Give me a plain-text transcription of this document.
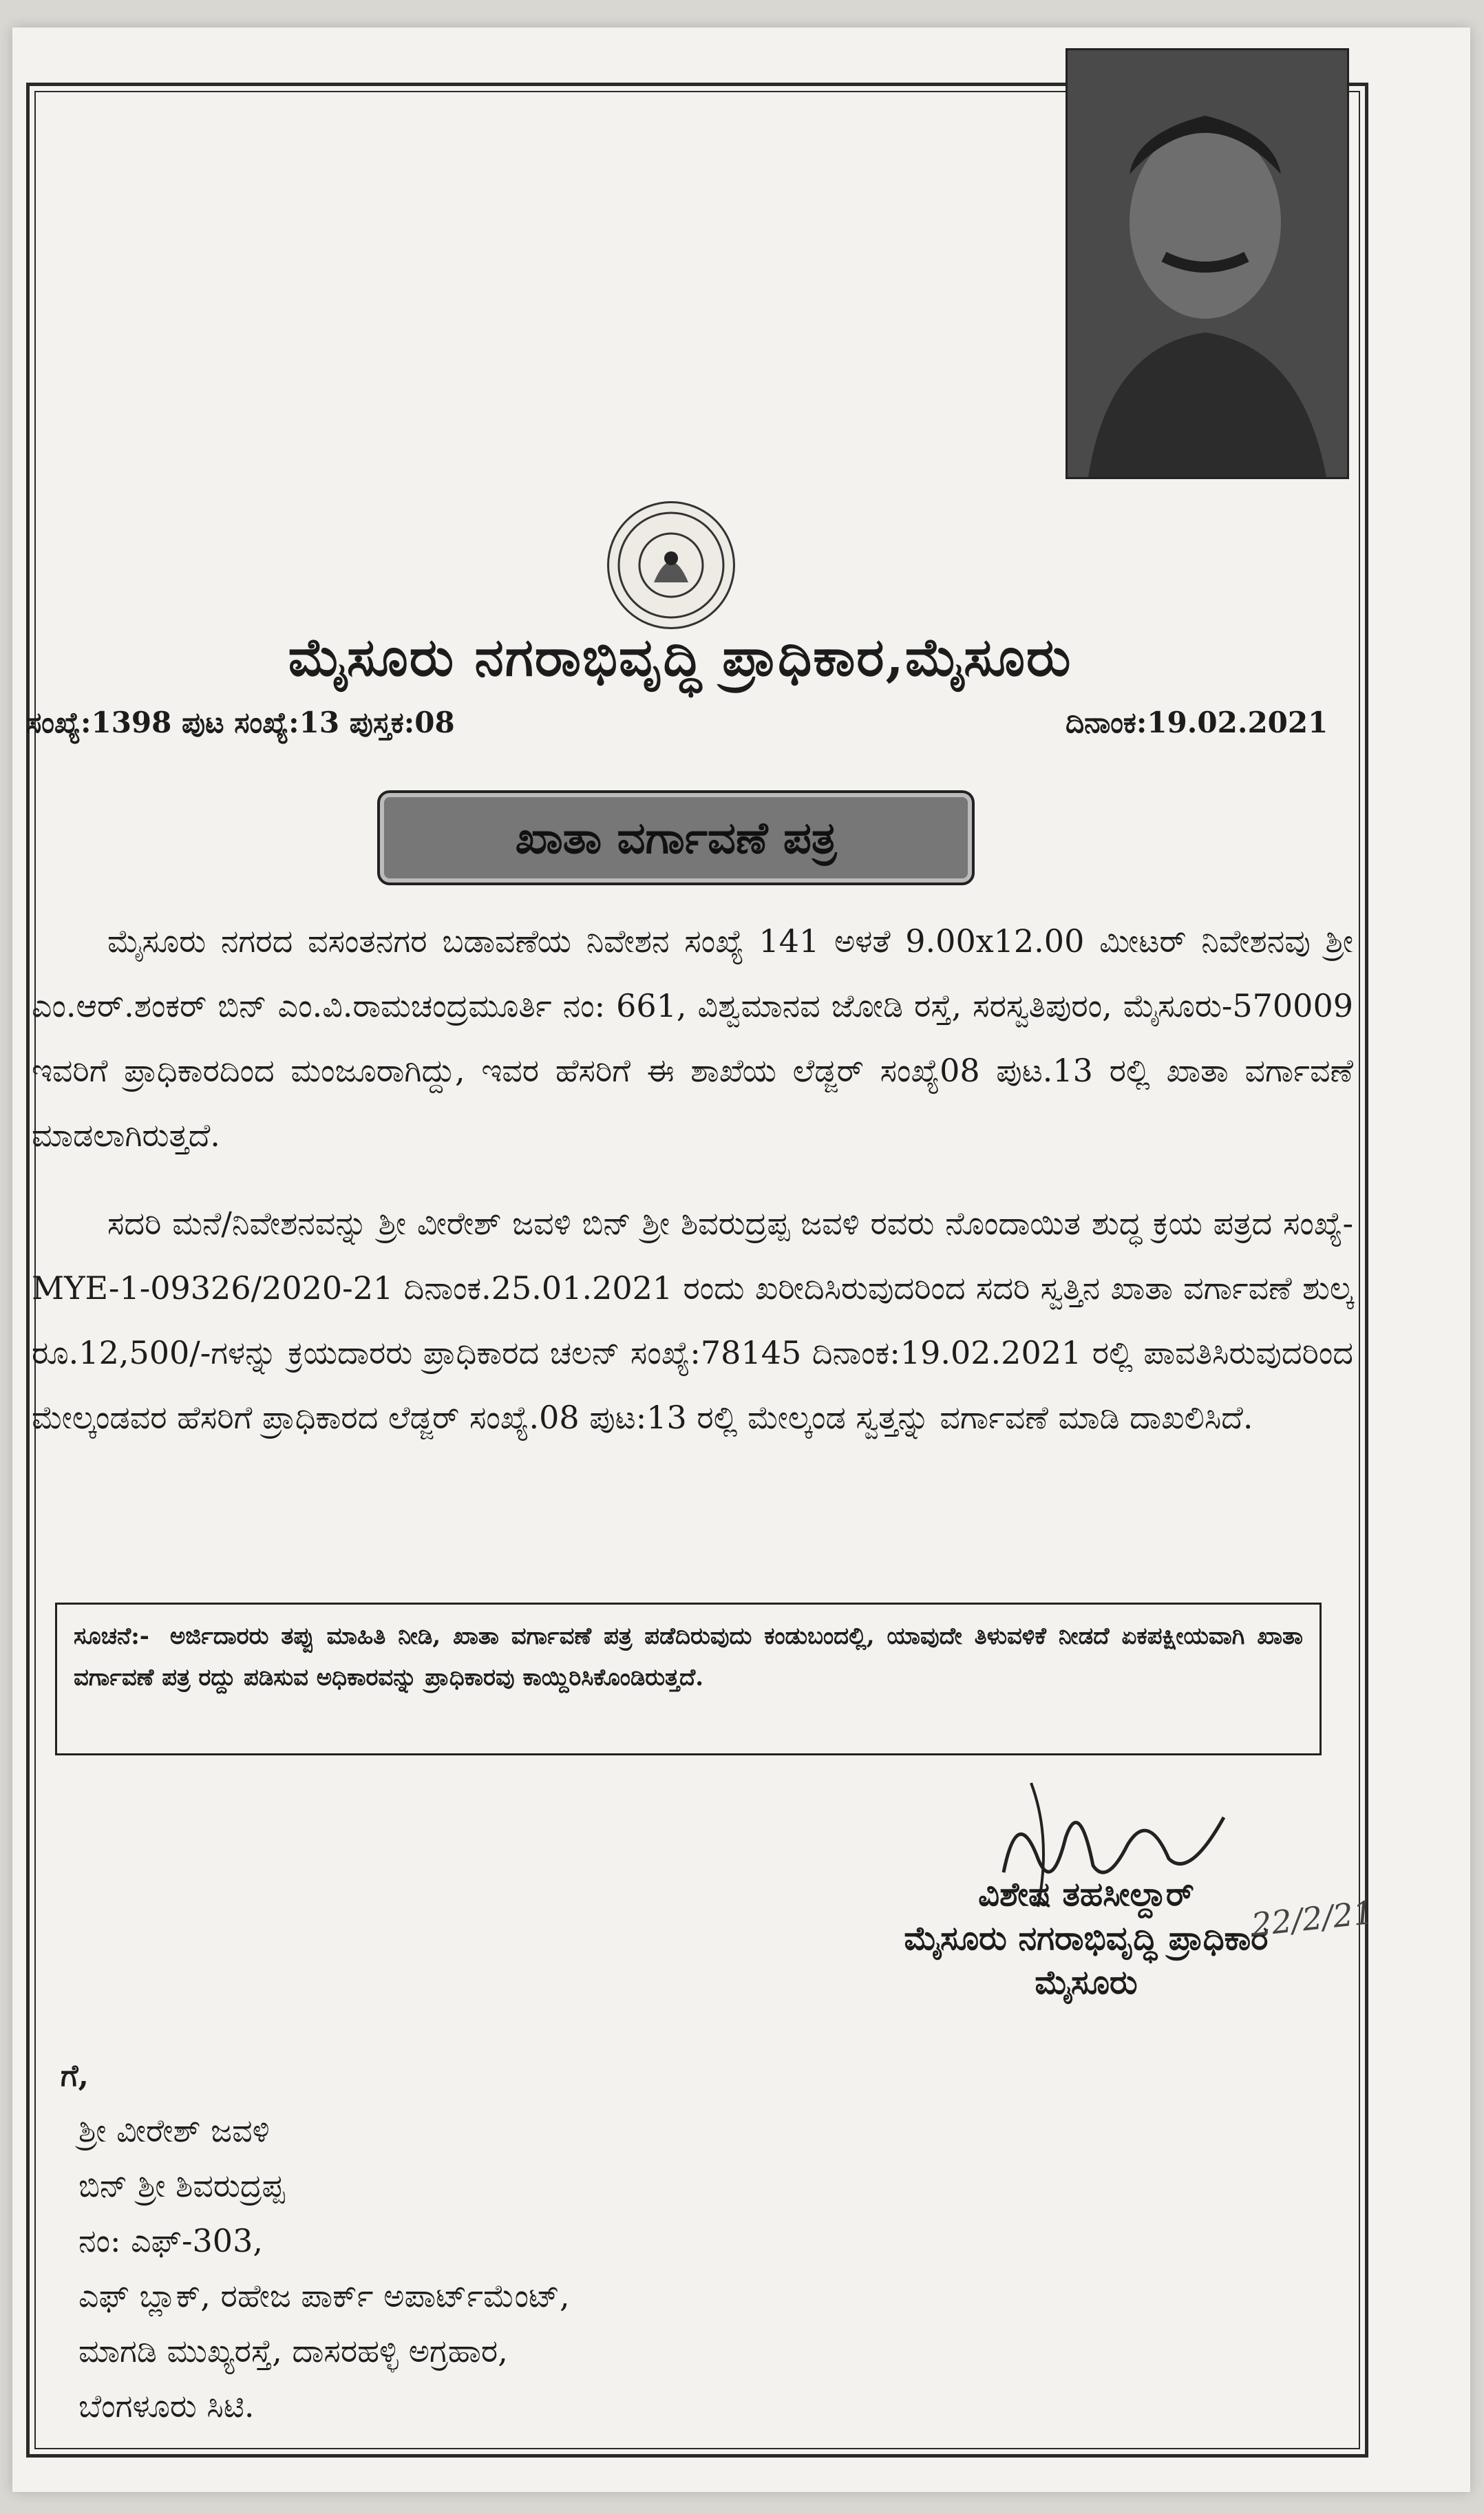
ಮೈಸೂರು ನಗರಾಭಿವೃದ್ಧಿ ಪ್ರಾಧಿಕಾರ,ಮೈಸೂರು
ಸಂಖ್ಯೆ:1398 ಪುಟ ಸಂಖ್ಯೆ:13 ಪುಸ್ತಕ:08	ದಿನಾಂಕ:19.02.2021
ಖಾತಾ ವರ್ಗಾವಣೆ ಪತ್ರ
ಮೈಸೂರು ನಗರದ ವಸಂತನಗರ ಬಡಾವಣೆಯ ನಿವೇಶನ ಸಂಖ್ಯೆ 141 ಅಳತೆ 9.00x12.00 ಮೀಟರ್ ನಿವೇಶನವು ಶ್ರೀ ಎಂ.ಆರ್.ಶಂಕರ್ ಬಿನ್ ಎಂ.ವಿ.ರಾಮಚಂದ್ರಮೂರ್ತಿ ನಂ: 661, ವಿಶ್ವಮಾನವ ಜೋಡಿ ರಸ್ತೆ, ಸರಸ್ವತಿಪುರಂ, ಮೈಸೂರು-570009 ಇವರಿಗೆ ಪ್ರಾಧಿಕಾರದಿಂದ ಮಂಜೂರಾಗಿದ್ದು, ಇವರ ಹೆಸರಿಗೆ ಈ ಶಾಖೆಯ ಲೆಡ್ಜರ್ ಸಂಖ್ಯೆ08 ಪುಟ.13 ರಲ್ಲಿ ಖಾತಾ ವರ್ಗಾವಣೆ ಮಾಡಲಾಗಿರುತ್ತದೆ.
ಸದರಿ ಮನೆ/ನಿವೇಶನವನ್ನು ಶ್ರೀ ವೀರೇಶ್ ಜವಳಿ ಬಿನ್ ಶ್ರೀ ಶಿವರುದ್ರಪ್ಪ ಜವಳಿ ರವರು ನೊಂದಾಯಿತ ಶುದ್ಧ ಕ್ರಯ ಪತ್ರದ ಸಂಖ್ಯೆ-MYE-1-09326/2020-21 ದಿನಾಂಕ.25.01.2021 ರಂದು ಖರೀದಿಸಿರುವುದರಿಂದ ಸದರಿ ಸ್ವತ್ತಿನ ಖಾತಾ ವರ್ಗಾವಣೆ ಶುಲ್ಕ ರೂ.12,500/-ಗಳನ್ನು ಕ್ರಯದಾರರು ಪ್ರಾಧಿಕಾರದ ಚಲನ್ ಸಂಖ್ಯೆ:78145 ದಿನಾಂಕ:19.02.2021 ರಲ್ಲಿ ಪಾವತಿಸಿರುವುದರಿಂದ ಮೇಲ್ಕಂಡವರ ಹೆಸರಿಗೆ ಪ್ರಾಧಿಕಾರದ ಲೆಡ್ಜರ್ ಸಂಖ್ಯೆ.08 ಪುಟ:13 ರಲ್ಲಿ ಮೇಲ್ಕಂಡ ಸ್ವತ್ತನ್ನು ವರ್ಗಾವಣೆ ಮಾಡಿ ದಾಖಲಿಸಿದೆ.
ಸೂಚನೆ:- ಅರ್ಜಿದಾರರು ತಪ್ಪು ಮಾಹಿತಿ ನೀಡಿ, ಖಾತಾ ವರ್ಗಾವಣೆ ಪತ್ರ ಪಡೆದಿರುವುದು ಕಂಡುಬಂದಲ್ಲಿ, ಯಾವುದೇ ತಿಳುವಳಿಕೆ ನೀಡದೆ ಏಕಪಕ್ಷೀಯವಾಗಿ ಖಾತಾ ವರ್ಗಾವಣೆ ಪತ್ರ ರದ್ದು ಪಡಿಸುವ ಅಧಿಕಾರವನ್ನು ಪ್ರಾಧಿಕಾರವು ಕಾಯ್ದಿರಿಸಿಕೊಂಡಿರುತ್ತದೆ.
ವಿಶೇಷ ತಹಸೀಲ್ದಾರ್
ಮೈಸೂರು ನಗರಾಭಿವೃದ್ಧಿ ಪ್ರಾಧಿಕಾರ
ಮೈಸೂರು
22/2/21
ಗೆ,
ಶ್ರೀ ವೀರೇಶ್ ಜವಳಿ
ಬಿನ್ ಶ್ರೀ ಶಿವರುದ್ರಪ್ಪ
ನಂ: ಎಫ್-303,
ಎಫ್ ಬ್ಲಾಕ್, ರಹೇಜ ಪಾರ್ಕ್ ಅಪಾರ್ಟ್‌ಮೆಂಟ್,
ಮಾಗಡಿ ಮುಖ್ಯರಸ್ತೆ, ದಾಸರಹಳ್ಳಿ ಅಗ್ರಹಾರ,
ಬೆಂಗಳೂರು ಸಿಟಿ.
